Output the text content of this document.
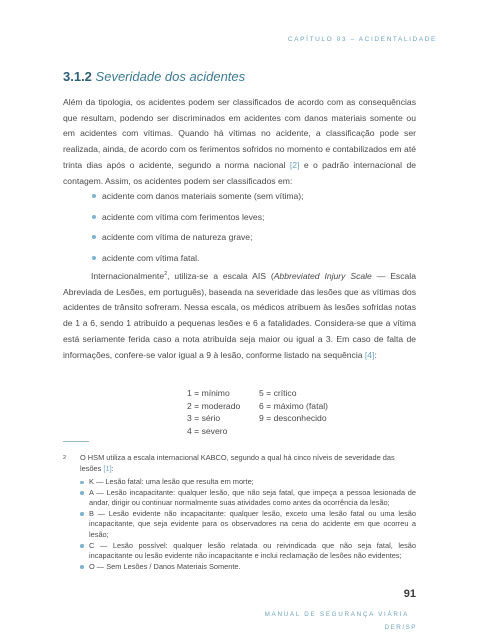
CAPÍTULO 03 – ACIDENTALIDADE
3.1.2 Severidade dos acidentes

Além da tipologia, os acidentes podem ser classificados de acordo com as consequências que resultam, podendo ser discriminados em acidentes com danos materiais somente ou em acidentes com vítimas. Quando há vítimas no acidente, a classificação pode ser realizada, ainda, de acordo com os ferimentos sofridos no momento e contabilizados em até trinta dias após o acidente, segundo a norma nacional [2] e o padrão internacional de contagem. Assim, os acidentes podem ser classificados em:

acidente com danos materiais somente (sem vítima);
acidente com vítima com ferimentos leves;
acidente com vítima de natureza grave;
acidente com vítima fatal.

Internacionalmente$^2$, utiliza-se a escala AIS (Abbreviated Injury Scale — Escala Abreviada de Lesões, em português), baseada na severidade das lesões que as vítimas dos acidentes de trânsito sofreram. Nessa escala, os médicos atribuem às lesões sofridas notas de 1 a 6, sendo 1 atribuído a pequenas lesões e 6 a fatalidades. Considera-se que a vítima está seriamente ferida caso a nota atribuída seja maior ou igual a 3. Em caso de falta de informações, confere-se valor igual a 9 à lesão, conforme listado na sequência [4]:

1 = mínimo	5 = crítico
2 = moderado	6 = máximo (fatal)
3 = sério	9 = desconhecido
4 = severo
2 O HSM utiliza a escala internacional KABCO, segundo a qual há cinco níveis de severidade das lesões [1]:
K — Lesão fatal: uma lesão que resulta em morte;
A — Lesão incapacitante: qualquer lesão, que não seja fatal, que impeça a pessoa lesionada de andar, dirigir ou continuar normalmente suas atividades como antes da ocorrência da lesão;
B — Lesão evidente não incapacitante: qualquer lesão, exceto uma lesão fatal ou uma lesão incapacitante, que seja evidente para os observadores na cena do acidente em que ocorreu a lesão;
C — Lesão possível: qualquer lesão relatada ou reivindicada que não seja fatal, lesão incapacitante ou lesão evidente não incapacitante e inclui reclamação de lesões não evidentes;
O — Sem Lesões / Danos Materiais Somente.
91
MANUAL DE SEGURANÇA VIÁRIA
DER/SP
